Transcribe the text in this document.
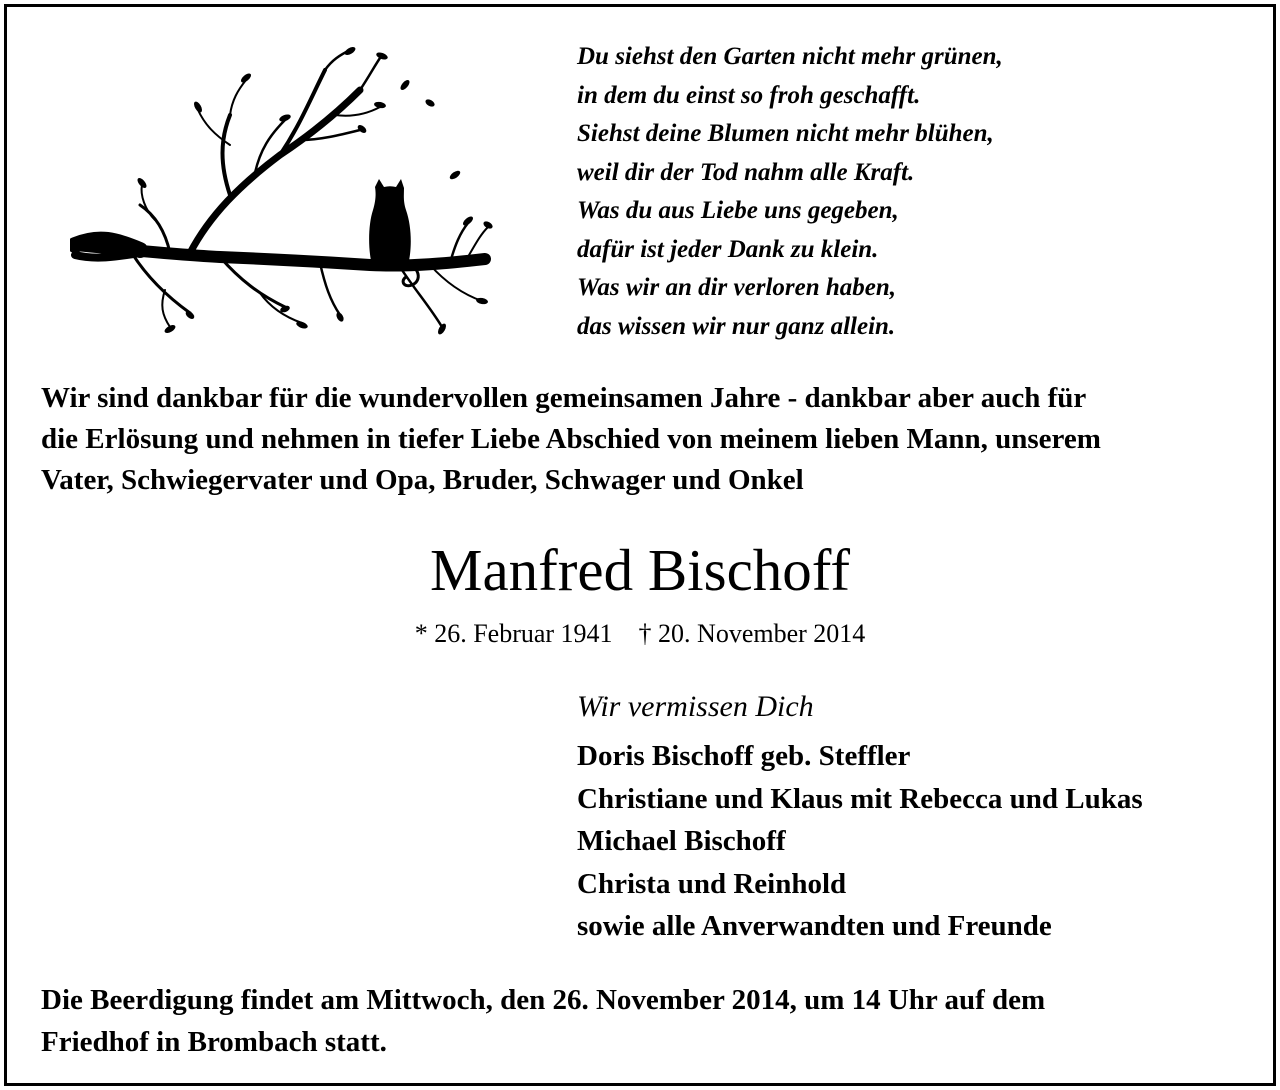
Du siehst den Garten nicht mehr grünen,
in dem du einst so froh geschafft.
Siehst deine Blumen nicht mehr blühen,
weil dir der Tod nahm alle Kraft.
Was du aus Liebe uns gegeben,
dafür ist jeder Dank zu klein.
Was wir an dir verloren haben,
das wissen wir nur ganz allein.

Wir sind dankbar für die wundervollen gemeinsamen Jahre - dankbar aber auch für
die Erlösung und nehmen in tiefer Liebe Abschied von meinem lieben Mann, unserem
Vater, Schwiegervater und Opa, Bruder, Schwager und Onkel

Manfred Bischoff
* 26. Februar 1941 † 20. November 2014
Wir vermissen Dich
Doris Bischoff geb. Steffler
Christiane und Klaus mit Rebecca und Lukas
Michael Bischoff
Christa und Reinhold
sowie alle Anverwandten und Freunde

Die Beerdigung findet am Mittwoch, den 26. November 2014, um 14 Uhr auf dem
Friedhof in Brombach statt.
